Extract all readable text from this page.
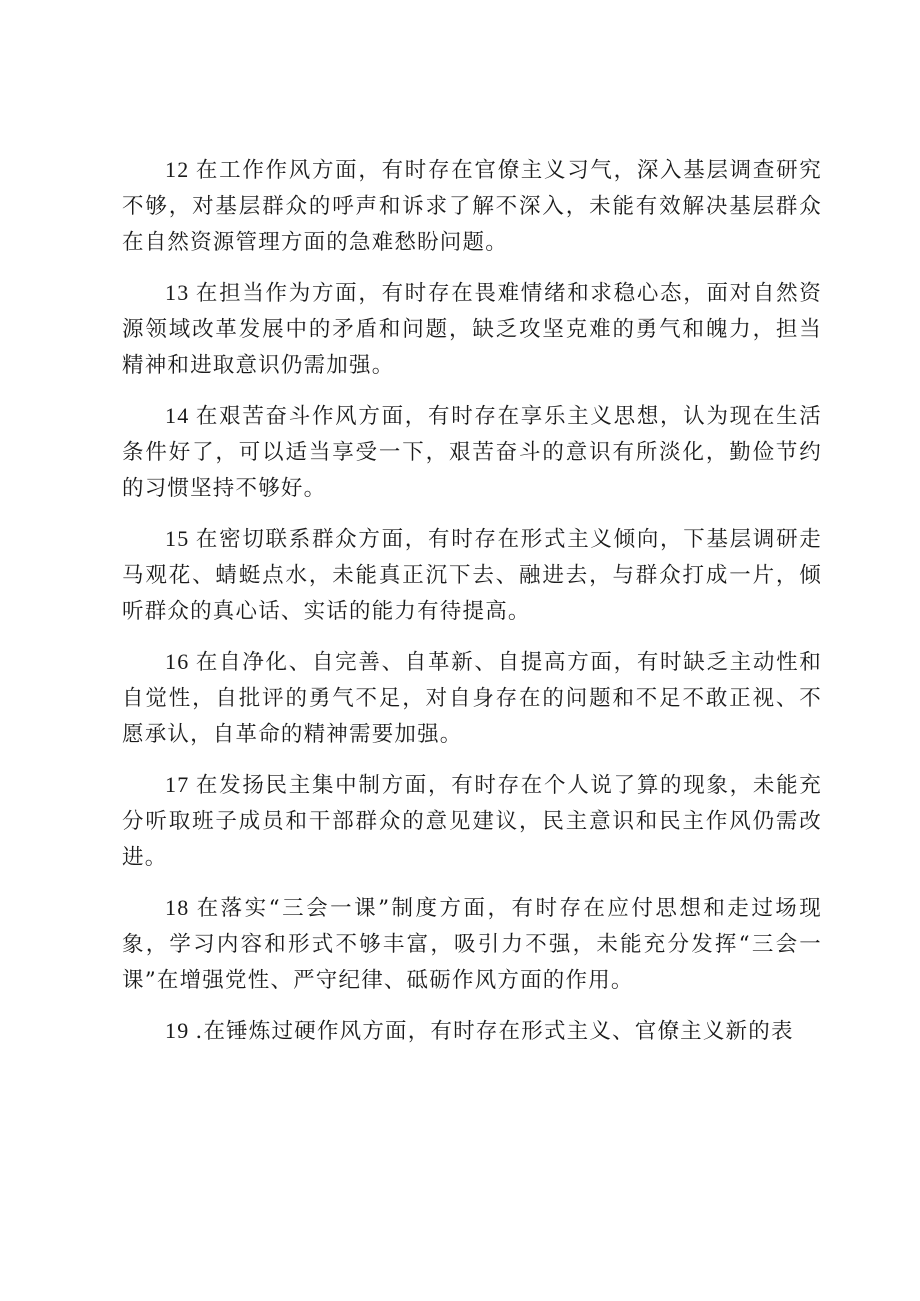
12 在工作作风方面，有时存在官僚主义习气，深入基层调查研究不够，对基层群众的呼声和诉求了解不深入，未能有效解决基层群众在自然资源管理方面的急难愁盼问题。

13 在担当作为方面，有时存在畏难情绪和求稳心态，面对自然资源领域改革发展中的矛盾和问题，缺乏攻坚克难的勇气和魄力，担当精神和进取意识仍需加强。

14 在艰苦奋斗作风方面，有时存在享乐主义思想，认为现在生活条件好了，可以适当享受一下，艰苦奋斗的意识有所淡化，勤俭节约的习惯坚持不够好。

15 在密切联系群众方面，有时存在形式主义倾向，下基层调研走马观花、蜻蜓点水，未能真正沉下去、融进去，与群众打成一片，倾听群众的真心话、实话的能力有待提高。

16 在自净化、自完善、自革新、自提高方面，有时缺乏主动性和自觉性，自批评的勇气不足，对自身存在的问题和不足不敢正视、不愿承认，自革命的精神需要加强。

17 在发扬民主集中制方面，有时存在个人说了算的现象，未能充分听取班子成员和干部群众的意见建议，民主意识和民主作风仍需改进。

18 在落实“三会一课”制度方面，有时存在应付思想和走过场现象，学习内容和形式不够丰富，吸引力不强，未能充分发挥“三会一课”在增强党性、严守纪律、砥砺作风方面的作用。

19 .在锤炼过硬作风方面，有时存在形式主义、官僚主义新的表
